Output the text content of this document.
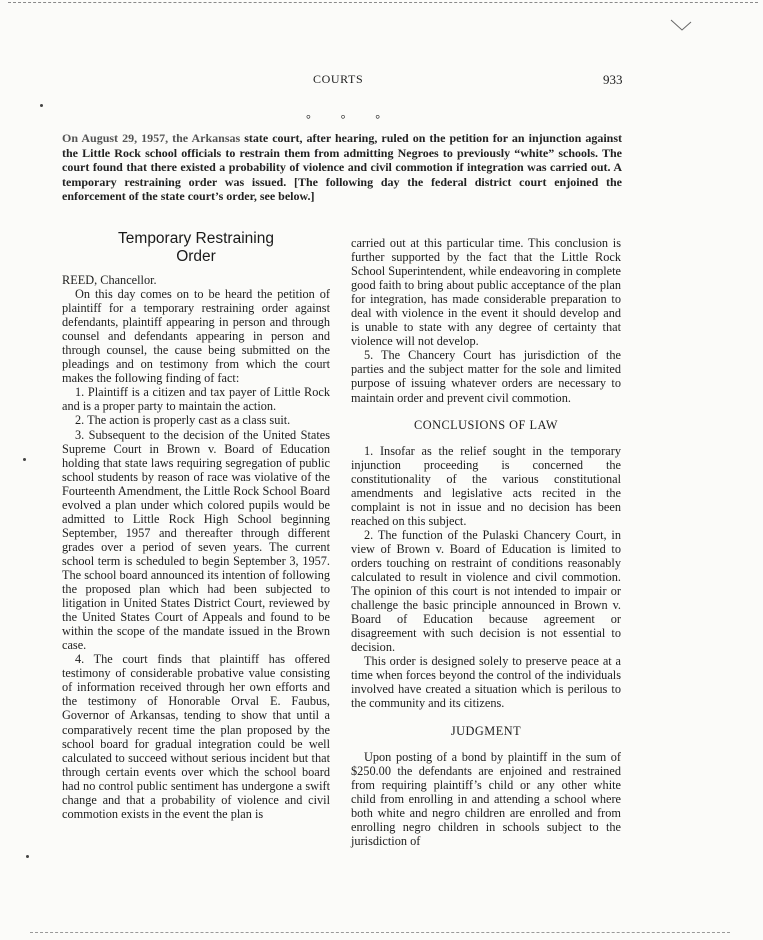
COURTS	933
° ° °
On August 29, 1957, the Arkansas state court, after hearing, ruled on the petition for an injunction against the Little Rock school officials to restrain them from admitting Negroes to previously “white” schools. The court found that there existed a probability of violence and civil commotion if integration was carried out. A temporary restraining order was issued. [The following day the federal district court enjoined the enforcement of the state court’s order, see below.]
Temporary Restraining
Order

REED, Chancellor.

On this day comes on to be heard the petition of plaintiff for a temporary restraining order against defendants, plaintiff appearing in person and through counsel and defendants appearing in person and through counsel, the cause being submitted on the pleadings and on testimony from which the court makes the following finding of fact:

1. Plaintiff is a citizen and tax payer of Little Rock and is a proper party to maintain the action.

2. The action is properly cast as a class suit.

3. Subsequent to the decision of the United States Supreme Court in Brown v. Board of Education holding that state laws requiring segregation of public school students by reason of race was violative of the Fourteenth Amendment, the Little Rock School Board evolved a plan under which colored pupils would be admitted to Little Rock High School beginning September, 1957 and thereafter through different grades over a period of seven years. The current school term is scheduled to begin September 3, 1957. The school board announced its intention of following the proposed plan which had been subjected to litigation in United States District Court, reviewed by the United States Court of Appeals and found to be within the scope of the mandate issued in the Brown case.

4. The court finds that plaintiff has offered testimony of considerable probative value consisting of information received through her own efforts and the testimony of Honorable Orval E. Faubus, Governor of Arkansas, tending to show that until a comparatively recent time the plan proposed by the school board for gradual integration could be well calculated to succeed without serious incident but that through certain events over which the school board had no control public sentiment has undergone a swift change and that a probability of violence and civil commotion exists in the event the plan is

carried out at this particular time. This conclusion is further supported by the fact that the Little Rock School Superintendent, while endeavoring in complete good faith to bring about public acceptance of the plan for integration, has made considerable preparation to deal with violence in the event it should develop and is unable to state with any degree of certainty that violence will not develop.

5. The Chancery Court has jurisdiction of the parties and the subject matter for the sole and limited purpose of issuing whatever orders are necessary to maintain order and prevent civil commotion.

CONCLUSIONS OF LAW

1. Insofar as the relief sought in the temporary injunction proceeding is concerned the constitutionality of the various constitutional amendments and legislative acts recited in the complaint is not in issue and no decision has been reached on this subject.

2. The function of the Pulaski Chancery Court, in view of Brown v. Board of Education is limited to orders touching on restraint of conditions reasonably calculated to result in violence and civil commotion. The opinion of this court is not intended to impair or challenge the basic principle announced in Brown v. Board of Education because agreement or disagreement with such decision is not essential to decision.

This order is designed solely to preserve peace at a time when forces beyond the control of the individuals involved have created a situation which is perilous to the community and its citizens.

JUDGMENT

Upon posting of a bond by plaintiff in the sum of $250.00 the defendants are enjoined and restrained from requiring plaintiff’s child or any other white child from enrolling in and attending a school where both white and negro children are enrolled and from enrolling negro children in schools subject to the jurisdiction of
